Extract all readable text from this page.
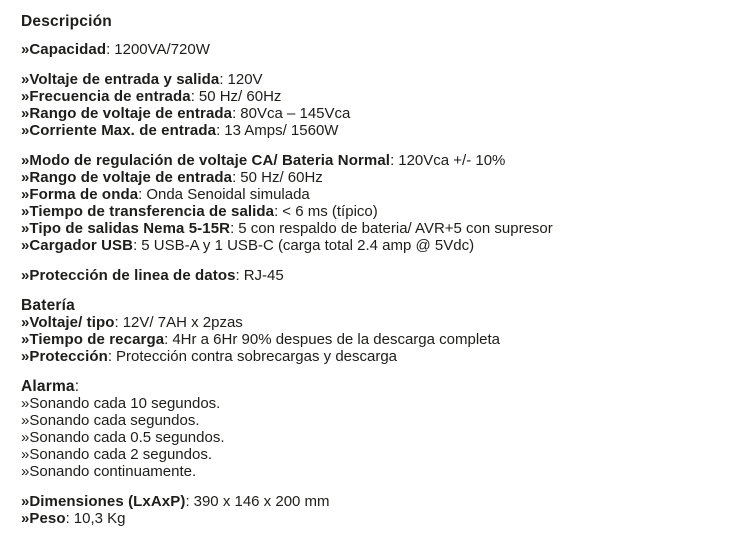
Descripción

»Capacidad: 1200VA/720W

»Voltaje de entrada y salida: 120V

»Frecuencia de entrada: 50 Hz/ 60Hz

»Rango de voltaje de entrada: 80Vca – 145Vca

»Corriente Max. de entrada: 13 Amps/ 1560W

»Modo de regulación de voltaje CA/ Bateria Normal: 120Vca +/- 10%

»Rango de voltaje de entrada: 50 Hz/ 60Hz

»Forma de onda: Onda Senoidal simulada

»Tiempo de transferencia de salida: < 6 ms (típico)

»Tipo de salidas Nema 5-15R: 5 con respaldo de bateria/ AVR+5 con supresor

»Cargador USB: 5 USB-A y 1 USB-C (carga total 2.4 amp @ 5Vdc)

»Protección de linea de datos: RJ-45

Batería

»Voltaje/ tipo: 12V/ 7AH x 2pzas

»Tiempo de recarga: 4Hr a 6Hr 90% despues de la descarga completa

»Protección: Protección contra sobrecargas y descarga

Alarma:

»Sonando cada 10 segundos.

»Sonando cada segundos.

»Sonando cada 0.5 segundos.

»Sonando cada 2 segundos.

»Sonando continuamente.

»Dimensiones (LxAxP): 390 x 146 x 200 mm

»Peso: 10,3 Kg
